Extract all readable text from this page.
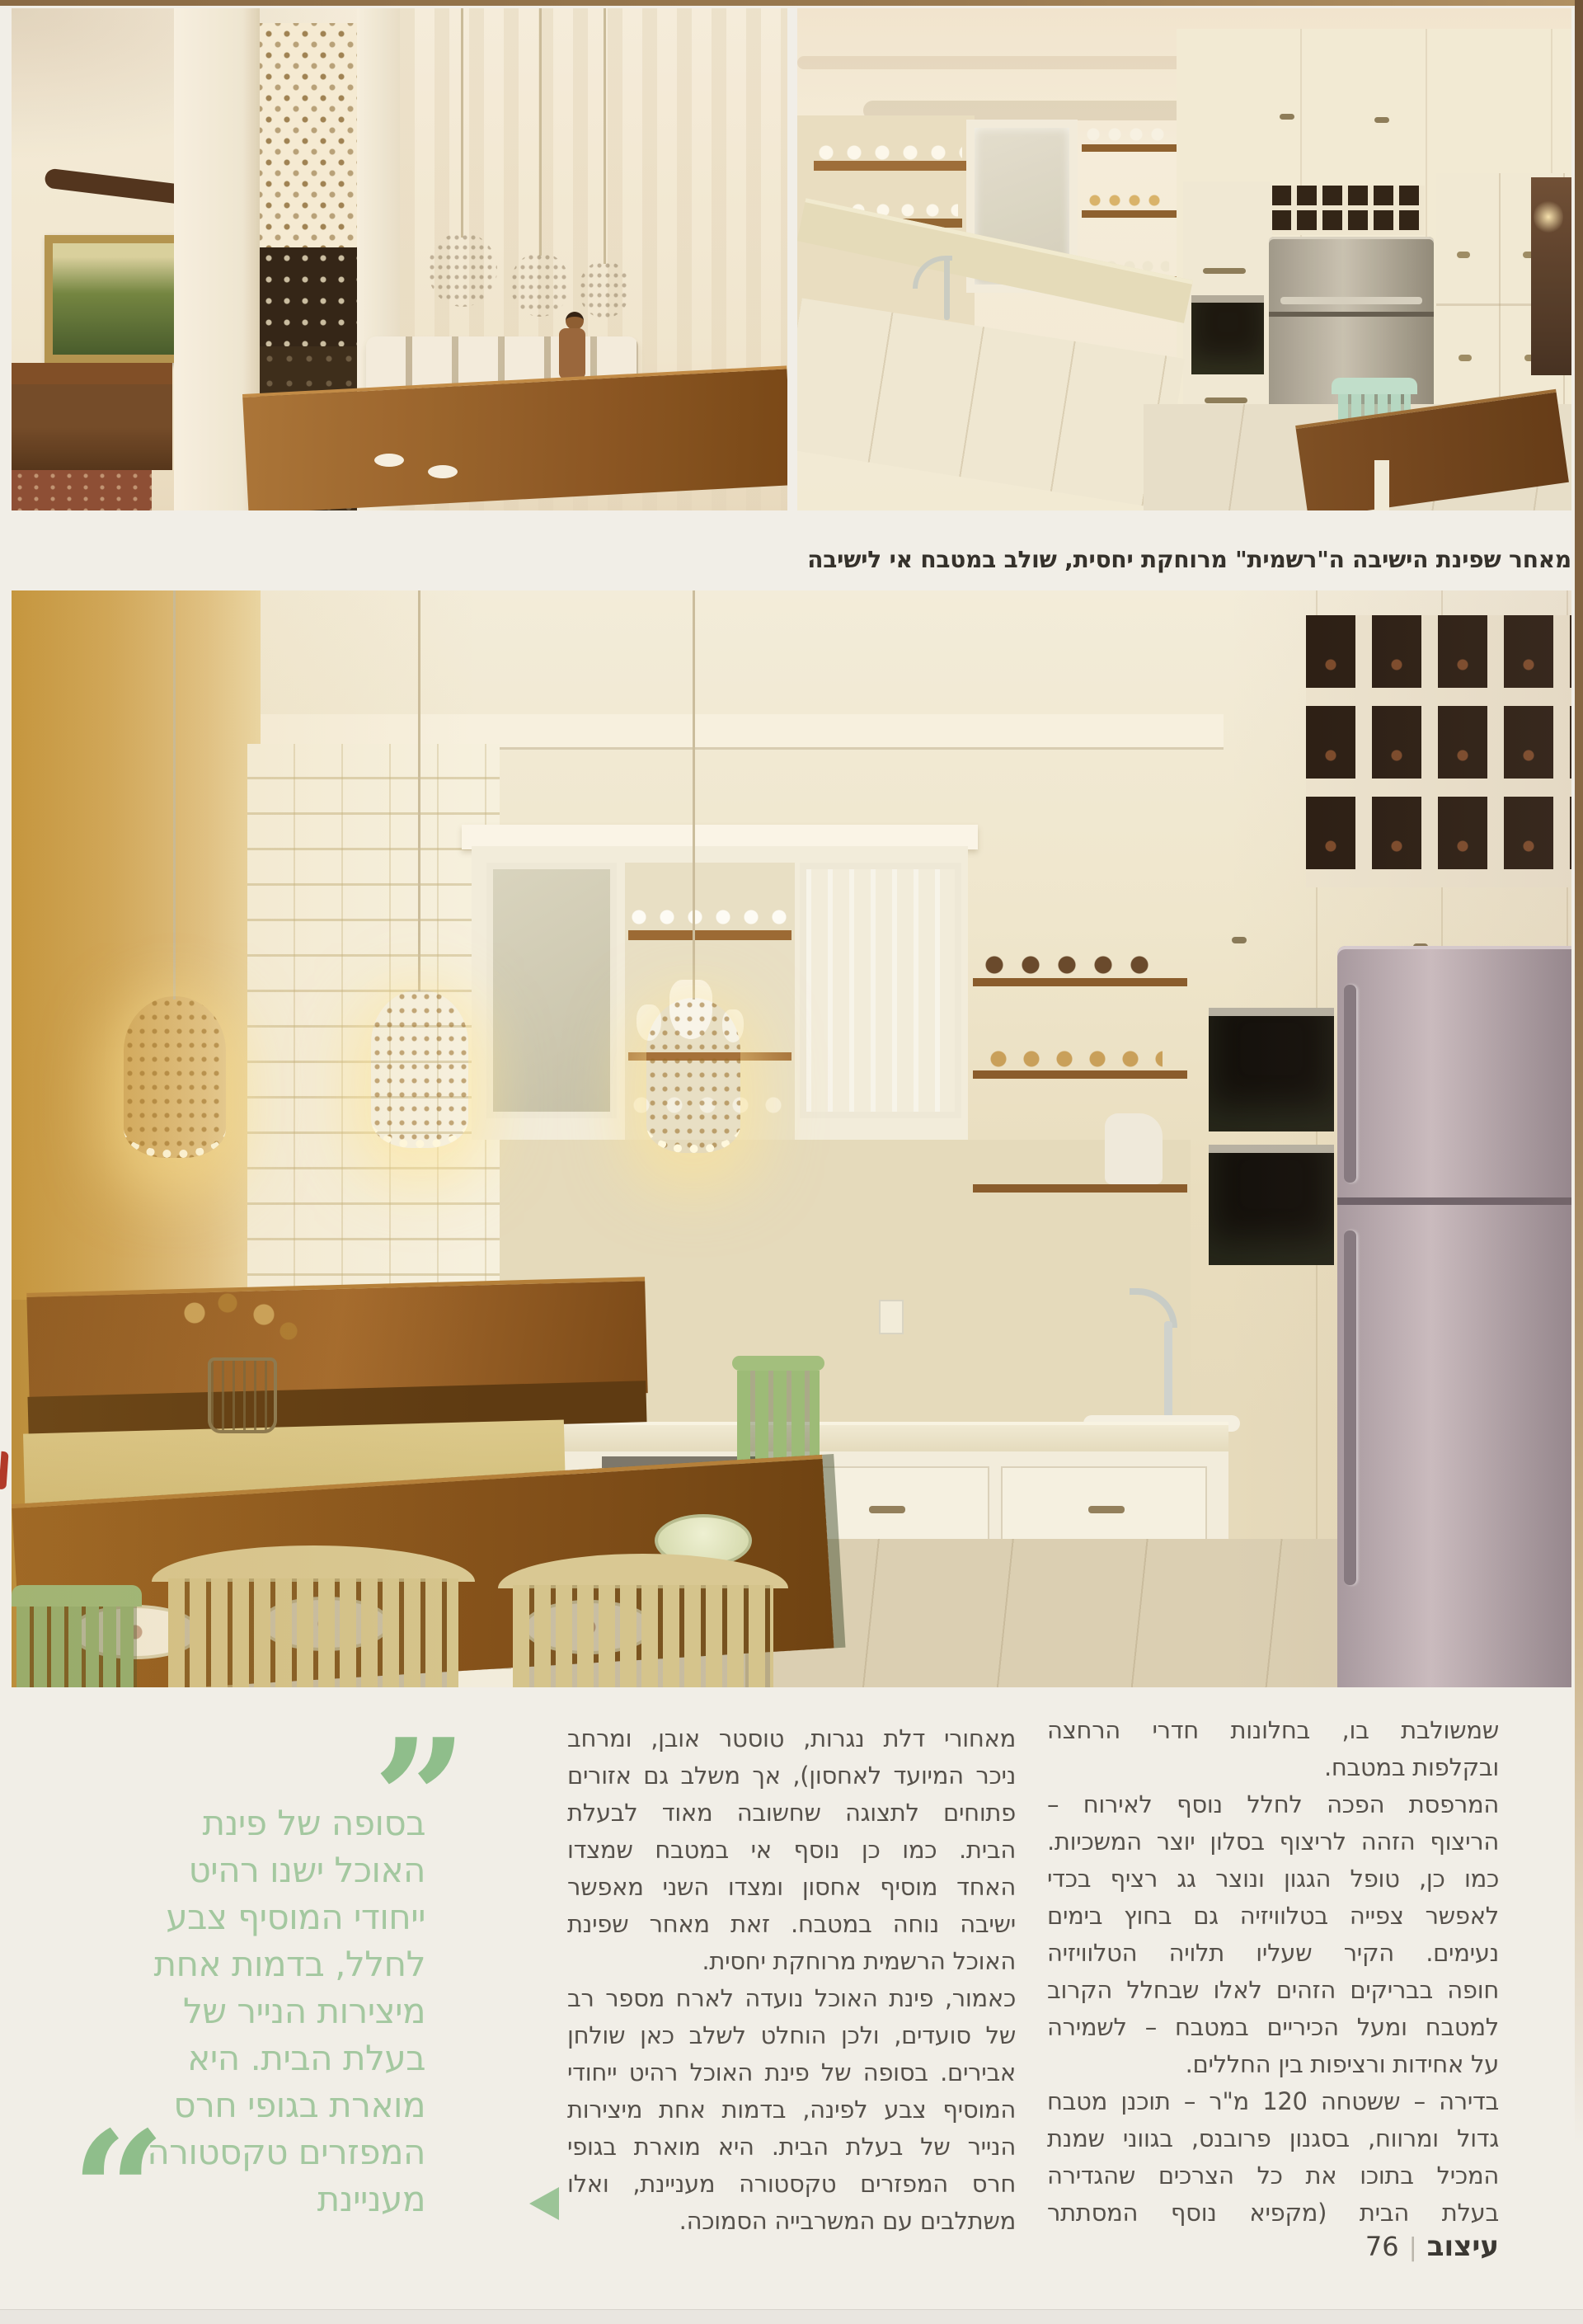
מאחר שפינת הישיבה ה"רשמית" מרוחקת יחסית, שולב במטבח אי לישיבה
”
בסופה של פינת
האוכל ישנו רהיט
ייחודי המוסיף צבע
לחלל, בדמות אחת
מיצירות הנייר של
בעלת הבית. היא
מוארת בגופי חרס
המפזרים טקסטורה
מעניינת
“
מאחורי דלת נגרות, טוסטר אובן, ומרחב
ניכר המיועד לאחסון), אך משלב גם אזורים
פתוחים לתצוגה שחשובה מאוד לבעלת
הבית. כמו כן נוסף אי במטבח שמצדו
האחד מוסיף אחסון ומצדו השני מאפשר
ישיבה נוחה במטבח. זאת מאחר שפינת
האוכל הרשמית מרוחקת יחסית.
כאמור, פינת האוכל נועדה לארח מספר רב
של סועדים, ולכן הוחלט לשלב כאן שולחן
אבירים. בסופה של פינת האוכל רהיט ייחודי
המוסיף צבע לפינה, בדמות אחת מיצירות
הנייר של בעלת הבית. היא מוארת בגופי
חרס המפזרים טקסטורה מעניינת, ואלו
משתלבים עם המשרבייה הסמוכה.
שמשולבת בו, בחלונות חדרי הרחצה
ובקלפות במטבח.
המרפסת הפכה לחלל נוסף לאירוח –
הריצוף הזהה לריצוף בסלון יוצר המשכיות.
כמו כן, טופל הגגון ונוצר גג רציף בכדי
לאפשר צפייה בטלוויזיה גם בחוץ בימים
נעימים. הקיר שעליו תלויה הטלוויזיה
חופה בבריקים הזהים לאלו שבחלל הקרוב
למטבח ומעל הכיריים במטבח – לשמירה
על אחידות ורציפות בין החללים.
בדירה – ששטחה 120 מ"ר – תוכנן מטבח
גדול ומרווח, בסגנון פרובנס, בגווני שמנת
המכיל בתוכו את כל הצרכים שהגדירה
בעלת הבית (מקפיא נוסף המסתתר
עיצוב
|
76
